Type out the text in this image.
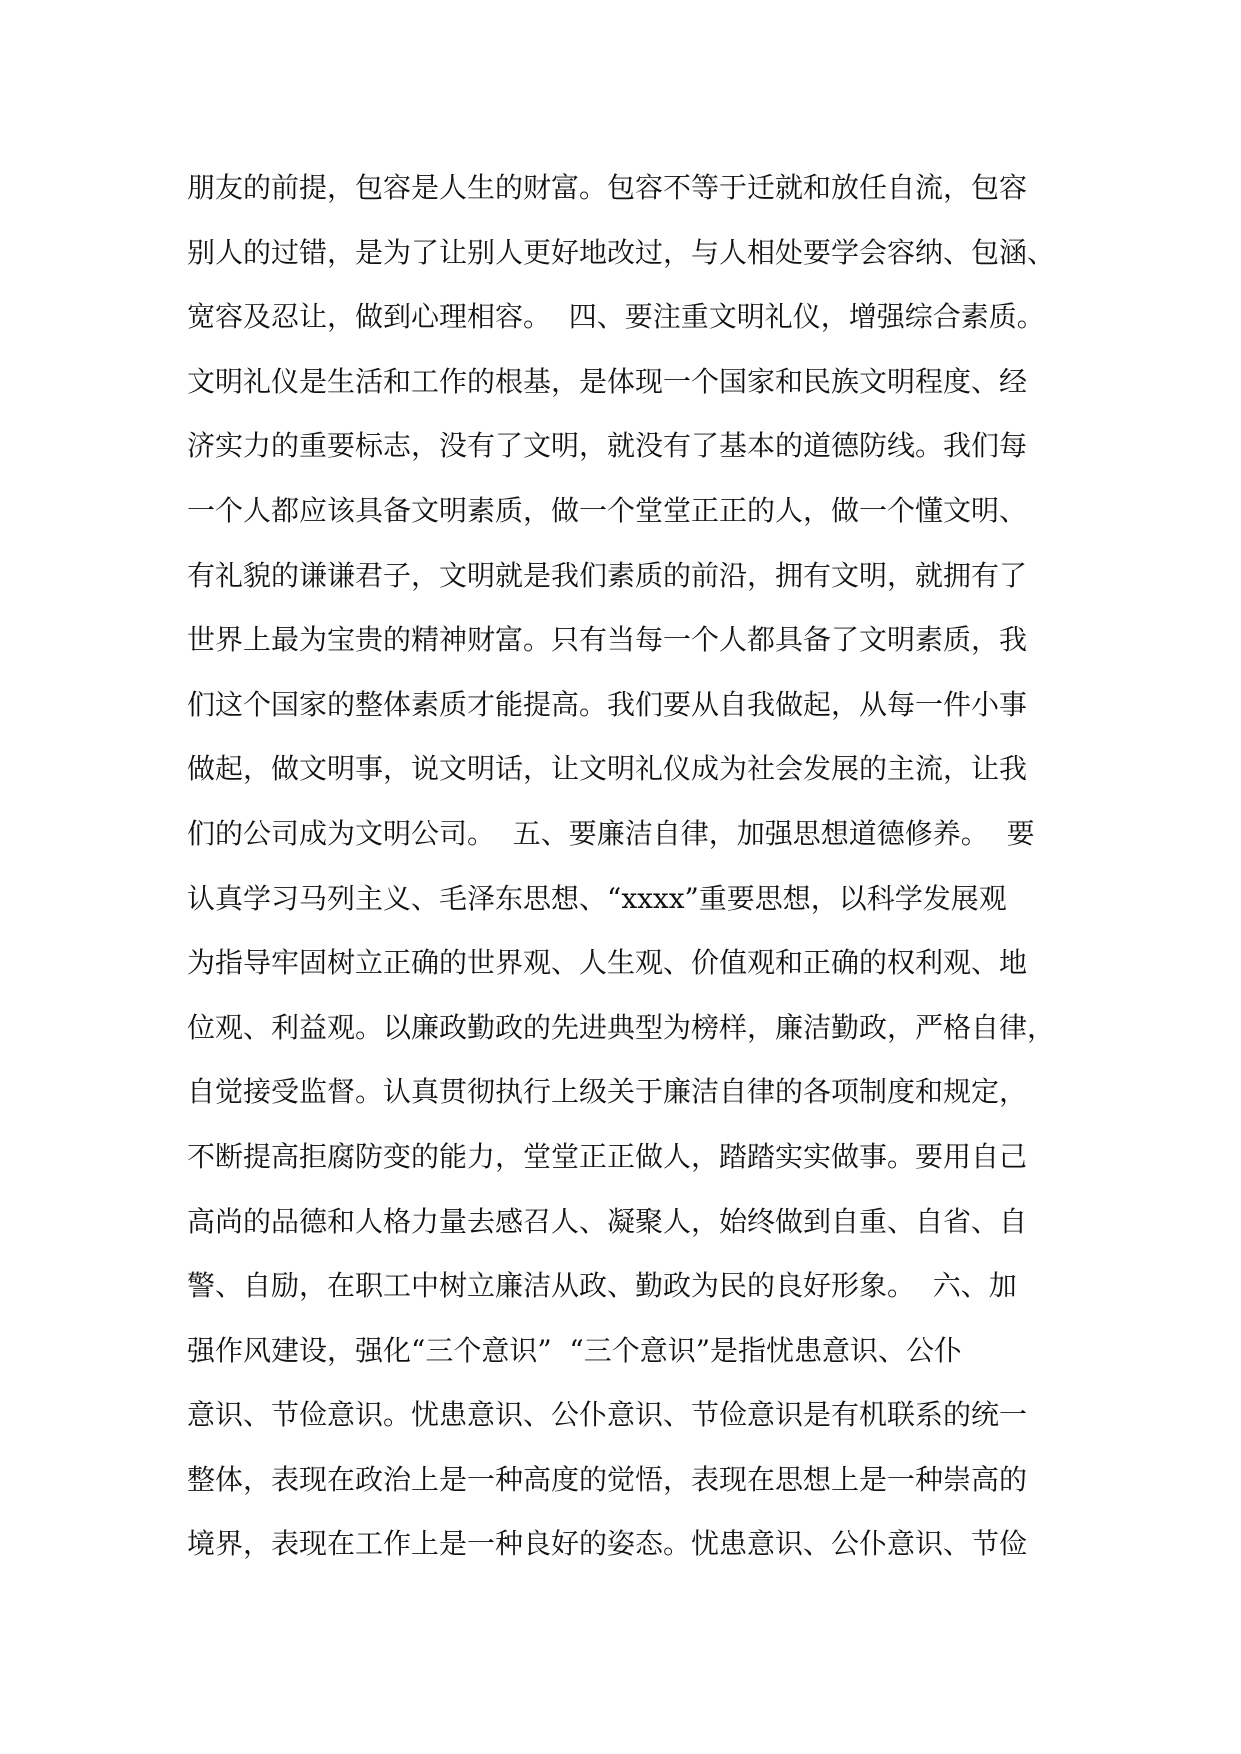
朋友的前提，包容是人生的财富。包容不等于迁就和放任自流，包容
别人的过错，是为了让别人更好地改过，与人相处要学会容纳、包涵、
宽容及忍让，做到心理相容。  四、要注重文明礼仪，增强综合素质。
文明礼仪是生活和工作的根基，是体现一个国家和民族文明程度、经
济实力的重要标志，没有了文明，就没有了基本的道德防线。我们每
一个人都应该具备文明素质，做一个堂堂正正的人，做一个懂文明、
有礼貌的谦谦君子，文明就是我们素质的前沿，拥有文明，就拥有了
世界上最为宝贵的精神财富。只有当每一个人都具备了文明素质，我
们这个国家的整体素质才能提高。我们要从自我做起，从每一件小事
做起，做文明事，说文明话，让文明礼仪成为社会发展的主流，让我
们的公司成为文明公司。  五、要廉洁自律，加强思想道德修养。  要
认真学习马列主义、毛泽东思想、“xxxx”重要思想，以科学发展观
为指导牢固树立正确的世界观、人生观、价值观和正确的权利观、地
位观、利益观。以廉政勤政的先进典型为榜样，廉洁勤政，严格自律，
自觉接受监督。认真贯彻执行上级关于廉洁自律的各项制度和规定，
不断提高拒腐防变的能力，堂堂正正做人，踏踏实实做事。要用自己
高尚的品德和人格力量去感召人、凝聚人，始终做到自重、自省、自
警、自励，在职工中树立廉洁从政、勤政为民的良好形象。  六、加
强作风建设，强化“三个意识”  “三个意识”是指忧患意识、公仆
意识、节俭意识。忧患意识、公仆意识、节俭意识是有机联系的统一
整体，表现在政治上是一种高度的觉悟，表现在思想上是一种崇高的
境界，表现在工作上是一种良好的姿态。忧患意识、公仆意识、节俭
